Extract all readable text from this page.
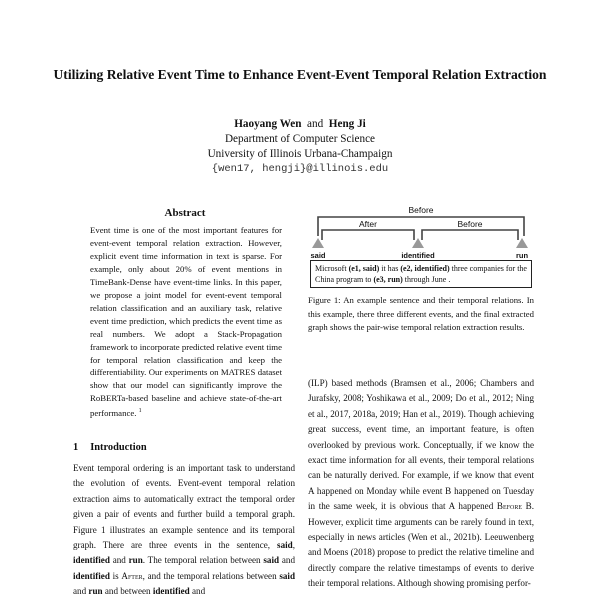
Utilizing Relative Event Time to Enhance Event-Event Temporal Relation Extraction
Haoyang Wen and Heng Ji
Department of Computer Science
University of Illinois Urbana-Champaign
{wen17, hengji}@illinois.edu
Abstract
Event time is one of the most important features for event-event temporal relation extraction. However, explicit event time information in text is sparse. For example, only about 20% of event mentions in TimeBank-Dense have event-time links. In this paper, we propose a joint model for event-event temporal relation classification and an auxiliary task, relative event time prediction, which predicts the event time as real numbers. We adopt a Stack-Propagation framework to incorporate predicted relative event time for temporal relation classification and keep the differentiability. Our experiments on MATRES dataset show that our model can significantly improve the RoBERTa-based baseline and achieve state-of-the-art performance. $^1$
1 Introduction
Event temporal ordering is an important task to understand the evolution of events. Event-event temporal relation extraction aims to automatically extract the temporal order given a pair of events and further build a temporal graph. Figure 1 illustrates an example sentence and its temporal graph. There are three events in the sentence, said, identified and run. The temporal relation between said and identified is After, and the temporal relations between said and run and between identified and
Before
After	Before
said	identified	run
Microsoft (e1, said) it has (e2, identified) three companies for the China program to (e3, run) through June .
Figure 1: An example sentence and their temporal relations. In this example, there three different events, and the final extracted graph shows the pair-wise temporal relation extraction results.
(ILP) based methods (Bramsen et al., 2006; Chambers and Jurafsky, 2008; Yoshikawa et al., 2009; Do et al., 2012; Ning et al., 2017, 2018a, 2019; Han et al., 2019). Though achieving great success, event time, an important feature, is often overlooked by previous work. Conceptually, if we know the exact time information for all events, their temporal relations can be naturally derived. For example, if we know that event A happened on Monday while event B happened on Tuesday in the same week, it is obvious that A happened Before B. However, explicit time arguments can be rarely found in text, especially in news articles (Wen et al., 2021b). Leeuwenberg and Moens (2018) propose to predict the relative timeline and directly compare the relative timestamps of events to derive their temporal relations. Although showing promising perfor-
